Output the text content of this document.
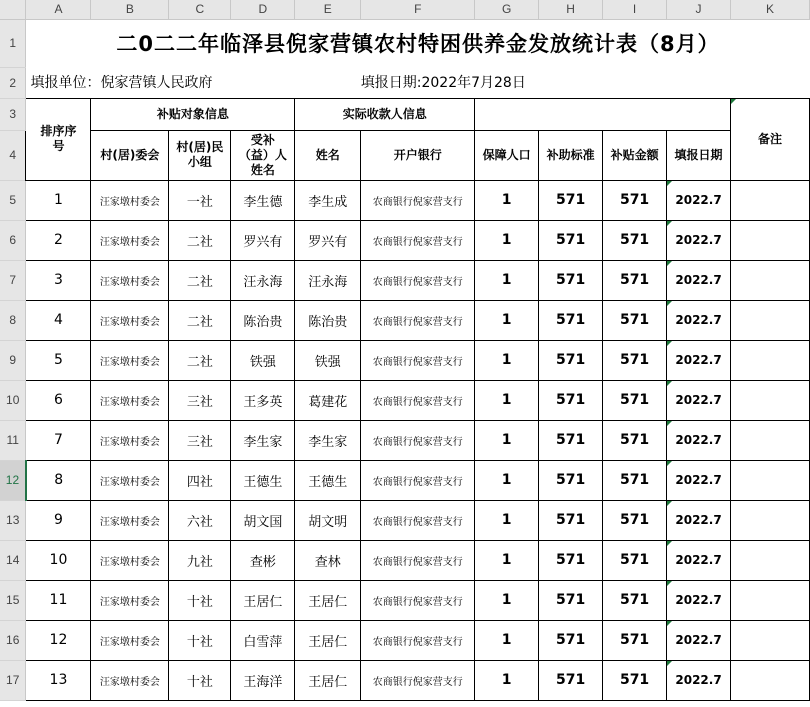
	A	B	C	D	E	F	G	H	I	J	K
1	二0二二年临泽县倪家营镇农村特困供养金发放统计表（8月）										
2	填报单位：倪家营镇人民政府					填报日期:2022年7月28日					
3	排序序号	补贴对象信息			实际收款人信息						备注
4		村(居)委会	村(居)民小组	受补（益）人姓名	姓名	开户银行	保障人口	补助标准	补贴金额	填报日期	
5	1	汪家墩村委会	一社	李生德	李生成	农商银行倪家营支行	1	571	571	2022.7	
6	2	汪家墩村委会	二社	罗兴有	罗兴有	农商银行倪家营支行	1	571	571	2022.7	
7	3	汪家墩村委会	二社	汪永海	汪永海	农商银行倪家营支行	1	571	571	2022.7	
8	4	汪家墩村委会	二社	陈治贵	陈治贵	农商银行倪家营支行	1	571	571	2022.7	
9	5	汪家墩村委会	二社	铁强	铁强	农商银行倪家营支行	1	571	571	2022.7	
10	6	汪家墩村委会	三社	王多英	葛建花	农商银行倪家营支行	1	571	571	2022.7	
11	7	汪家墩村委会	三社	李生家	李生家	农商银行倪家营支行	1	571	571	2022.7	
12	8	汪家墩村委会	四社	王德生	王德生	农商银行倪家营支行	1	571	571	2022.7	
13	9	汪家墩村委会	六社	胡文国	胡文明	农商银行倪家营支行	1	571	571	2022.7	
14	10	汪家墩村委会	九社	查彬	查林	农商银行倪家营支行	1	571	571	2022.7	
15	11	汪家墩村委会	十社	王居仁	王居仁	农商银行倪家营支行	1	571	571	2022.7	
16	12	汪家墩村委会	十社	白雪萍	王居仁	农商银行倪家营支行	1	571	571	2022.7	
17	13	汪家墩村委会	十社	王海洋	王居仁	农商银行倪家营支行	1	571	571	2022.7	
